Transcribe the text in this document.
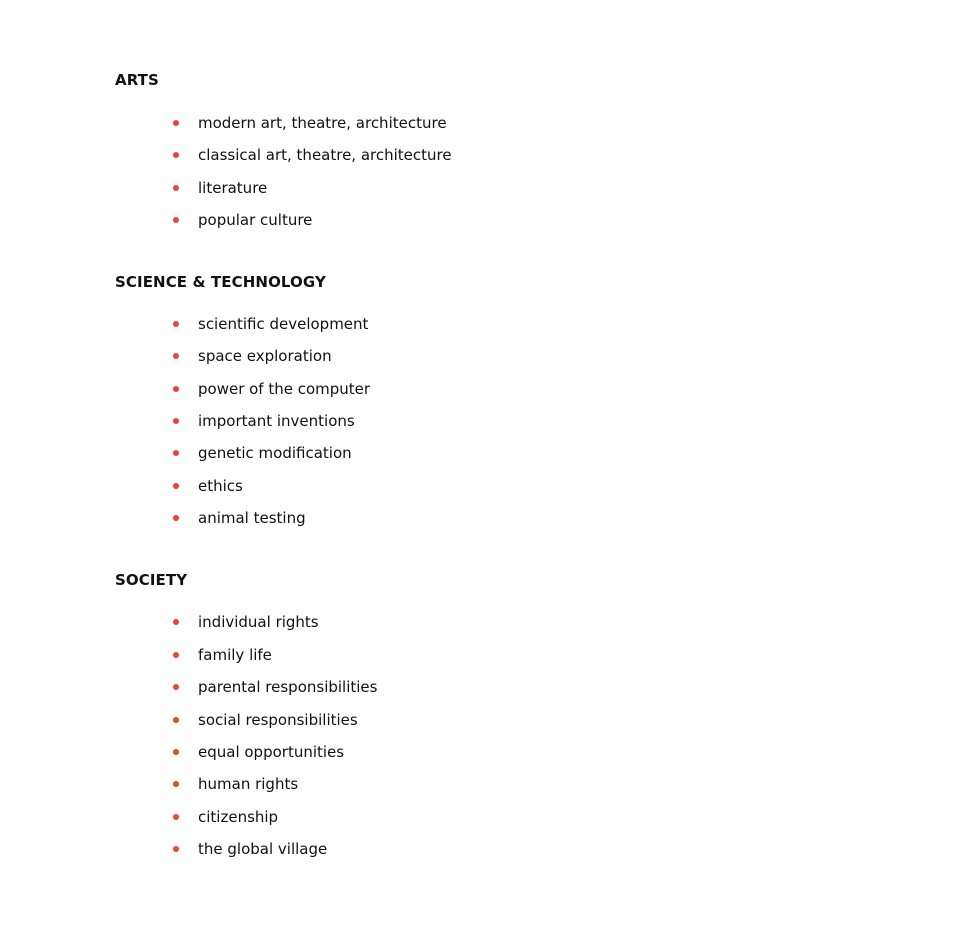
ARTS
modern art, theatre, architecture
classical art, theatre, architecture
literature
popular culture
SCIENCE & TECHNOLOGY
scientific development
space exploration
power of the computer
important inventions
genetic modification
ethics
animal testing
SOCIETY
individual rights
family life
parental responsibilities
social responsibilities
equal opportunities
human rights
citizenship
the global village
